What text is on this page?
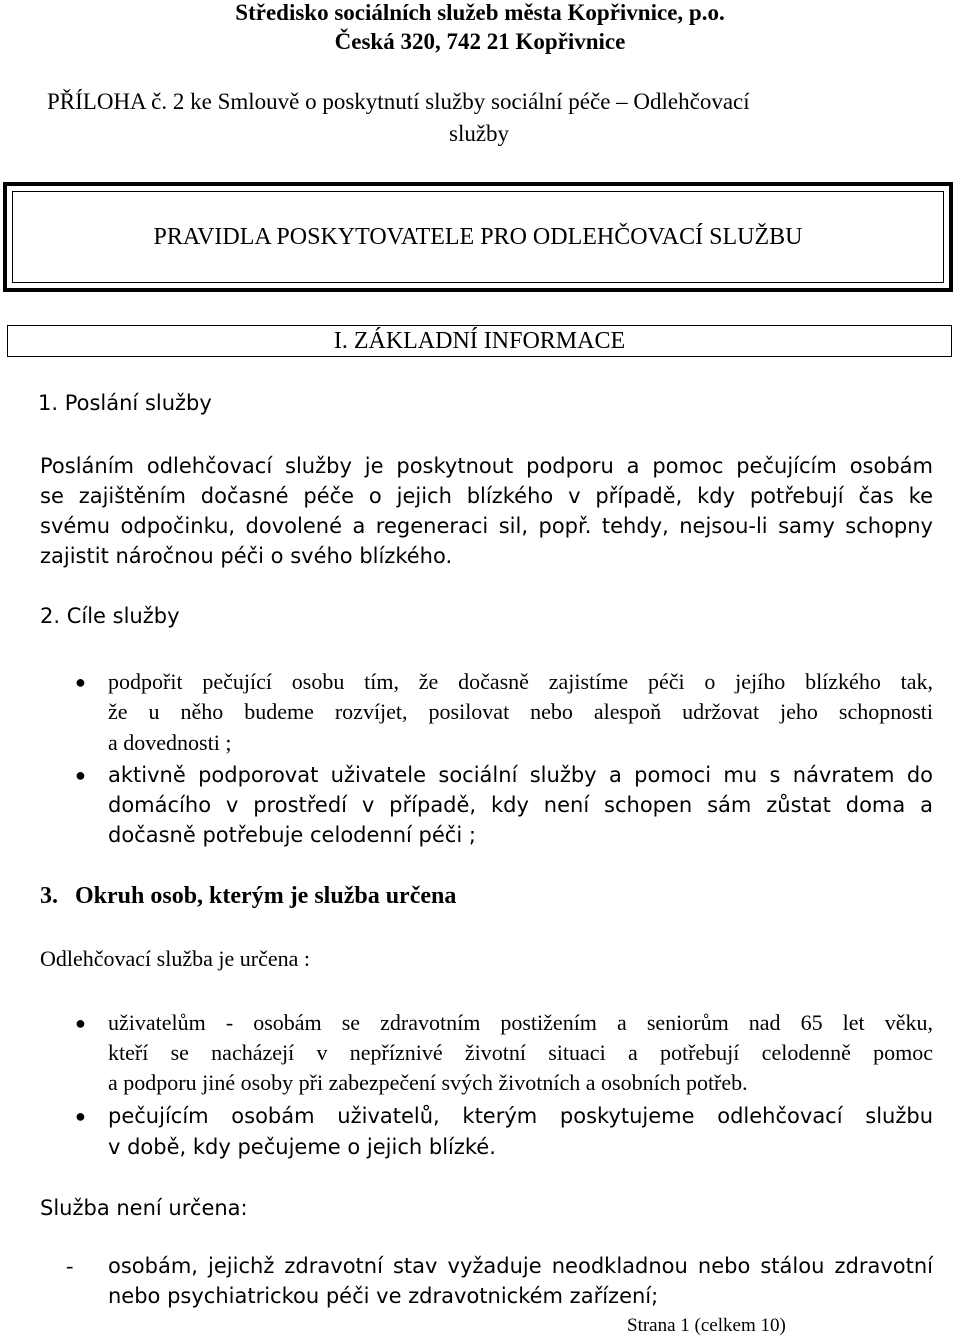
Středisko sociálních služeb města Kopřivnice, p.o.
Česká 320, 742 21 Kopřivnice
PŘÍLOHA č. 2 ke Smlouvě o poskytnutí služby sociální péče – Odlehčovací
služby
PRAVIDLA POSKYTOVATELE PRO ODLEHČOVACÍ SLUŽBU
I. ZÁKLADNÍ INFORMACE
1. Poslání služby
Posláním odlehčovací služby je poskytnout podporu a pomoc pečujícím osobám
se zajištěním dočasné péče o jejich blízkého v případě, kdy potřebují čas ke
svému odpočinku, dovolené a regeneraci sil, popř. tehdy, nejsou-li samy schopny
zajistit náročnou péči o svého blízkého.
2. Cíle služby
● podpořit pečující osobu tím, že dočasně zajistíme péči o jejího blízkého tak,
že u něho budeme rozvíjet, posilovat nebo alespoň udržovat jeho schopnosti
a dovednosti ;
● aktivně podporovat uživatele sociální služby a pomoci mu s návratem do
domácího v prostředí v případě, kdy není schopen sám zůstat doma a
dočasně potřebuje celodenní péči ;
3. Okruh osob, kterým je služba určena
Odlehčovací služba je určena :
● uživatelům - osobám se zdravotním postižením a seniorům nad 65 let věku,
kteří se nacházejí v nepříznivé životní situaci a potřebují celodenně pomoc
a podporu jiné osoby při zabezpečení svých životních a osobních potřeb.
● pečujícím osobám uživatelů, kterým poskytujeme odlehčovací službu
v době, kdy pečujeme o jejich blízké.
Služba není určena:
- osobám, jejichž zdravotní stav vyžaduje neodkladnou nebo stálou zdravotní
nebo psychiatrickou péči ve zdravotnickém zařízení;
Strana 1 (celkem 10)
